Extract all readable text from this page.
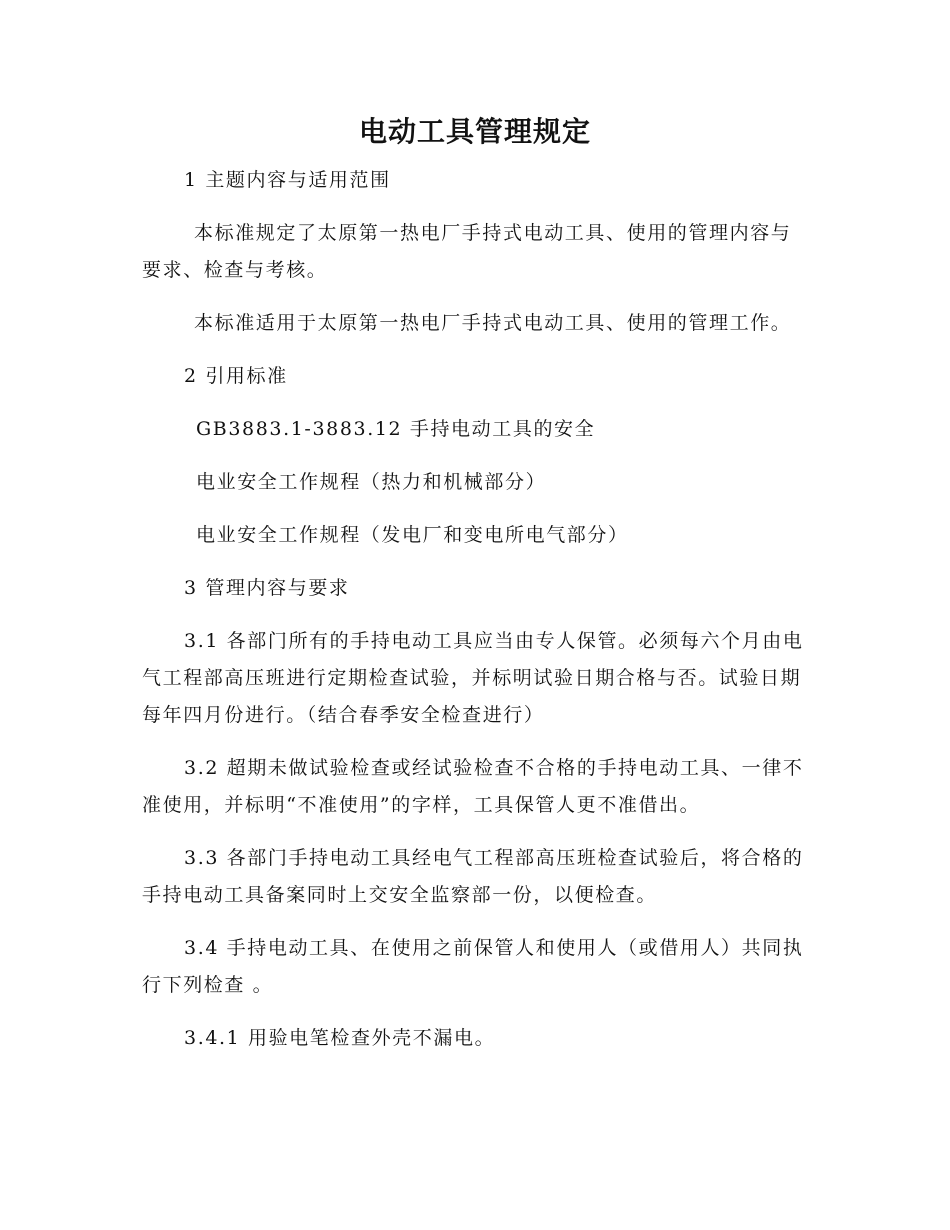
电动工具管理规定

1 主题内容与适用范围

本标准规定了太原第一热电厂手持式电动工具、使用的管理内容与要求、检查与考核。

本标准适用于太原第一热电厂手持式电动工具、使用的管理工作。

2 引用标准

GB3883.1-3883.12 手持电动工具的安全

电业安全工作规程（热力和机械部分）

电业安全工作规程（发电厂和变电所电气部分）

3 管理内容与要求

3.1 各部门所有的手持电动工具应当由专人保管。必须每六个月由电气工程部高压班进行定期检查试验，并标明试验日期合格与否。试验日期每年四月份进行。（结合春季安全检查进行）

3.2 超期未做试验检查或经试验检查不合格的手持电动工具、一律不准使用，并标明“不准使用”的字样，工具保管人更不准借出。

3.3 各部门手持电动工具经电气工程部高压班检查试验后，将合格的手持电动工具备案同时上交安全监察部一份，以便检查。

3.4 手持电动工具、在使用之前保管人和使用人（或借用人）共同执行下列检查 。

3.4.1 用验电笔检查外壳不漏电。
